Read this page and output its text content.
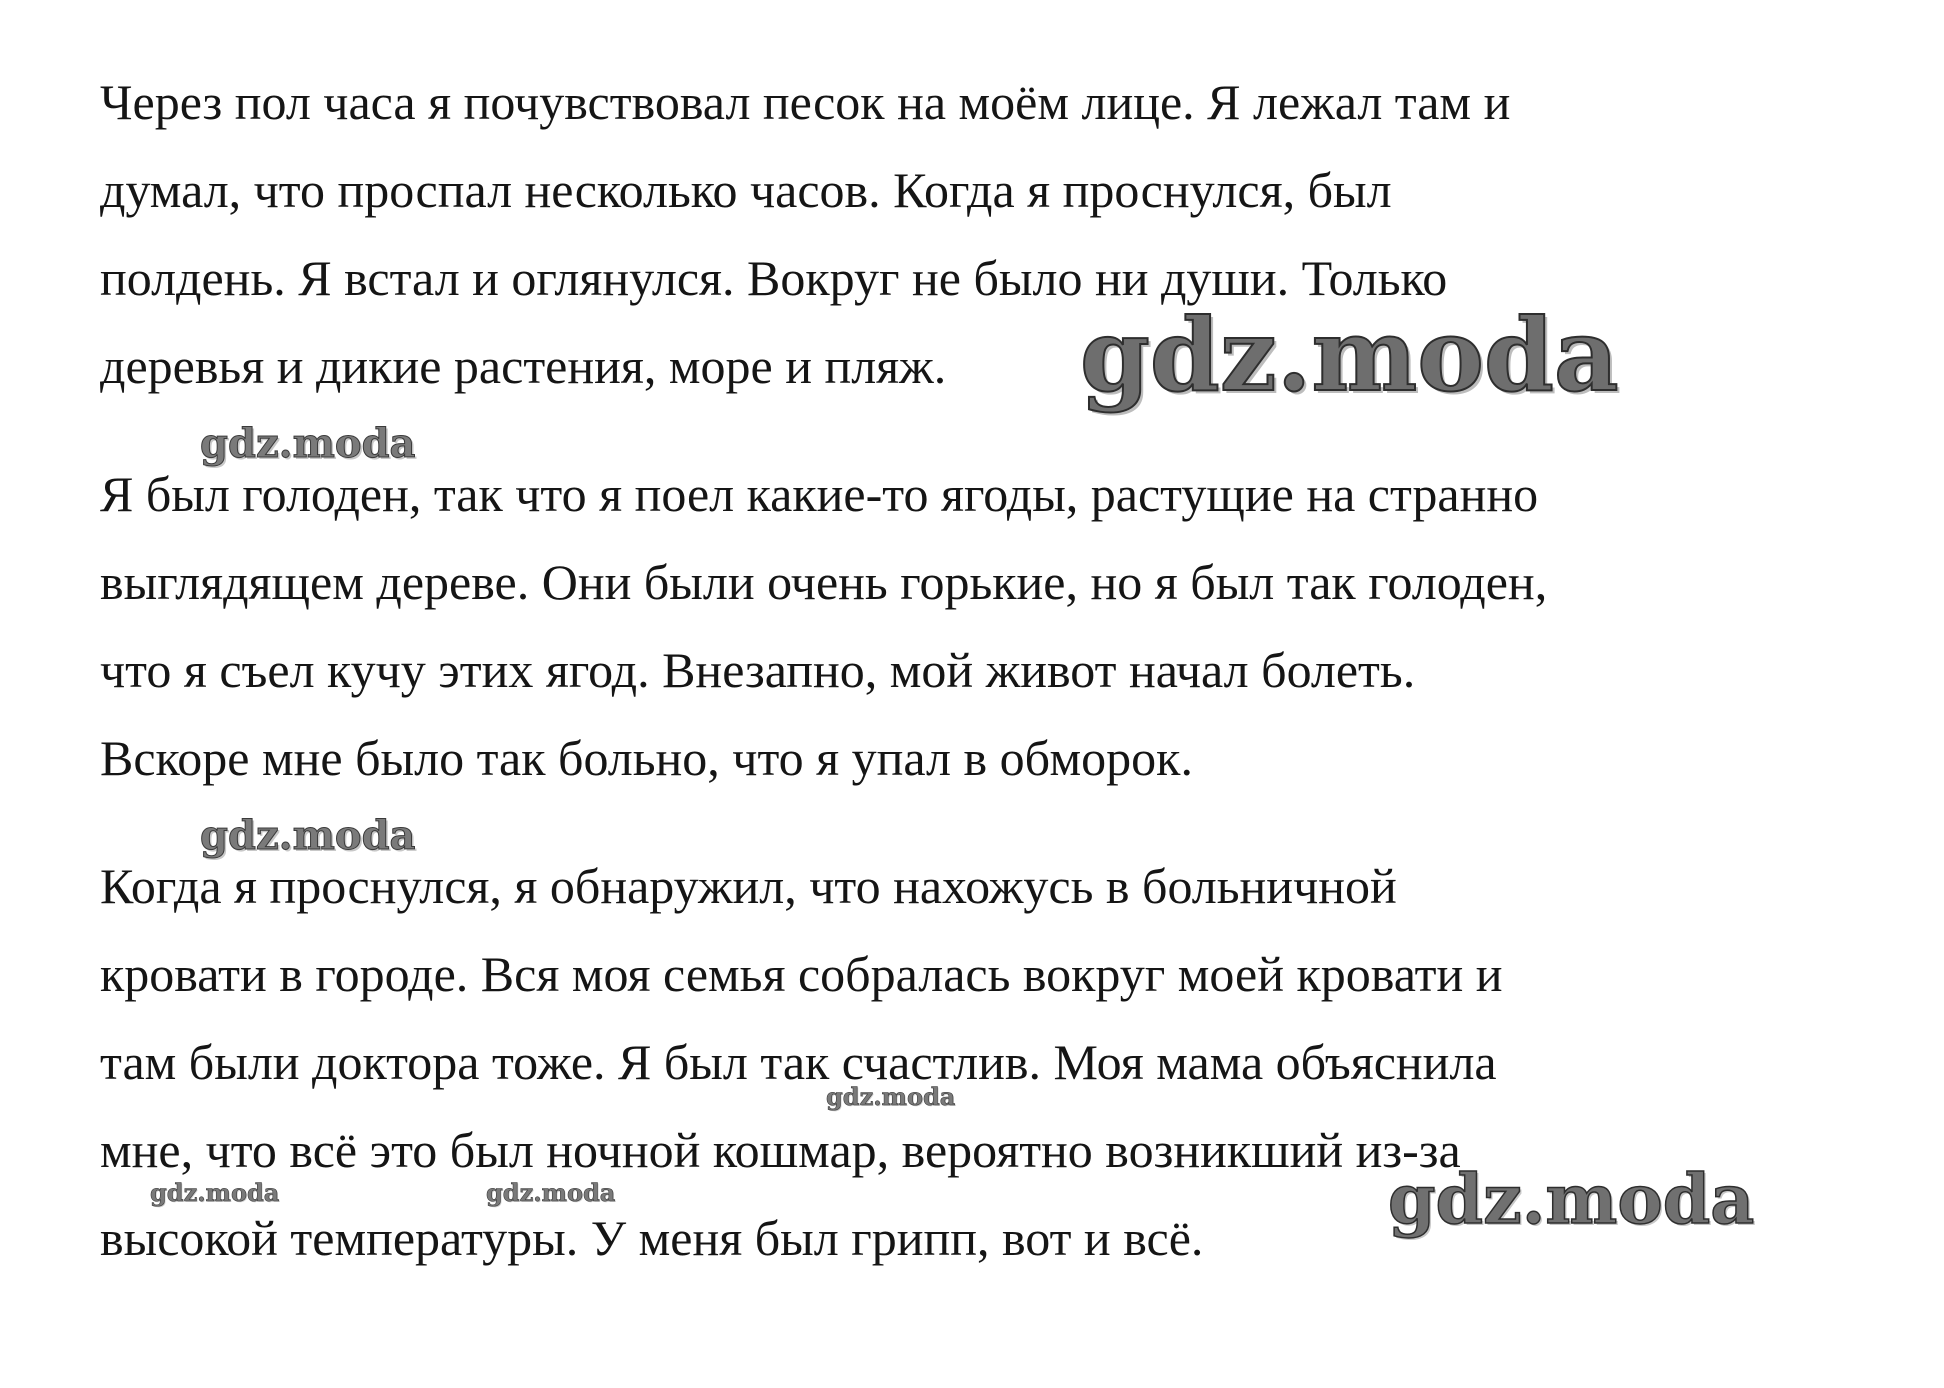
Через пол часа я почувствовал песок на моём лице. Я лежал там и
думал, что проспал несколько часов. Когда я проснулся, был
полдень. Я встал и оглянулся. Вокруг не было ни души. Только
деревья и дикие растения, море и пляж.
Я был голоден, так что я поел какие-то ягоды, растущие на странно
выглядящем дереве. Они были очень горькие, но я был так голоден,
что я съел кучу этих ягод. Внезапно, мой живот начал болеть.
Вскоре мне было так больно, что я упал в обморок.
Когда я проснулся, я обнаружил, что нахожусь в больничной
кровати в городе. Вся моя семья собралась вокруг моей кровати и
там были доктора тоже. Я был так счастлив. Моя мама объяснила
мне, что всё это был ночной кошмар, вероятно возникший из-за
высокой температуры. У меня был грипп, вот и всё.
gdz.moda
gdz.moda
gdz.moda
gdz.moda
gdz.moda
gdz.moda	gdz.moda
